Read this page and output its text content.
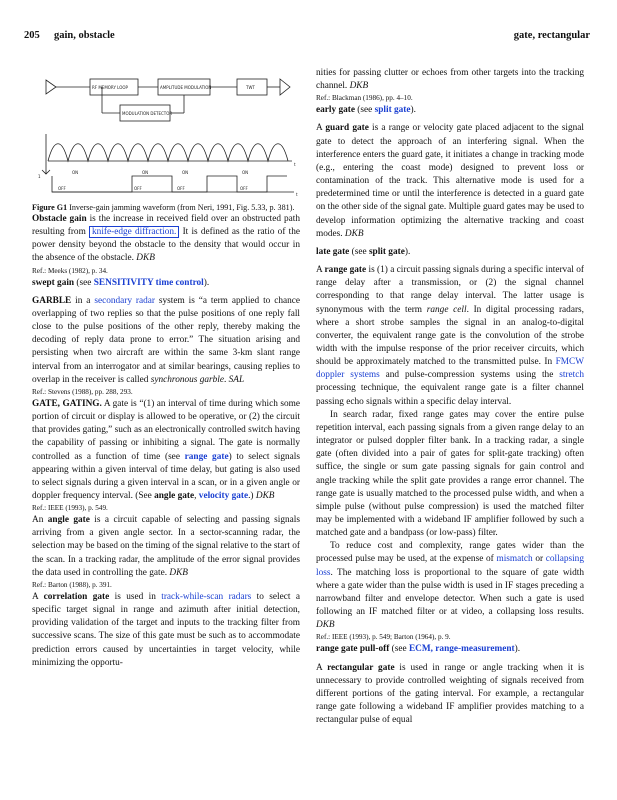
205 gain, obstacle	gate, rectangular
RF MEMORY LOOP	AMPLITUDE MODULATION	TWT
MODULATION DETECTOR
ON
OFF
ON
OFF
ON
OFF
ON
OFF
1
t
t

Figure G1 Inverse-gain jamming waveform (from Neri, 1991, Fig. 5.33, p. 381).

Obstacle gain is the increase in received field over an obstructed path resulting from knife-edge diffraction. It is defined as the ratio of the power density beyond the obstacle to the density that would occur in the absence of the obstacle. DKB

Ref.: Meeks (1982), p. 34.

swept gain (see SENSITIVITY time control).

GARBLE in a secondary radar system is “a term applied to chance overlapping of two replies so that the pulse positions of one reply fall close to the pulse positions of the other reply, thereby making the decoding of reply data prone to error.” The situation arising and persisting when two aircraft are within the same 3-km slant range interval from an interrogator and at similar bearings, causing replies to overlap in the receiver is called synchronous garble. SAL

Ref.: Stevens (1988), pp. 288, 293.

GATE, GATING. A gate is “(1) an interval of time during which some portion of circuit or display is allowed to be operative, or (2) the circuit that provides gating,” such as an electronically controlled switch having the capability of passing or inhibiting a signal. The gate is normally controlled as a function of time (see range gate) to select signals appearing within a given interval of time delay, but gating is also used to select signals during a given interval in a scan, or in a given angle or doppler frequency interval. (See angle gate, velocity gate.) DKB

Ref.: IEEE (1993), p. 549.

An angle gate is a circuit capable of selecting and passing signals arriving from a given angle sector. In a sector-scanning radar, the selection may be based on the timing of the signal relative to the start of the scan. In a tracking radar, the amplitude of the error signal provides the data used in controlling the gate. DKB

Ref.: Barton (1988), p. 391.

A correlation gate is used in track-while-scan radars to select a specific target signal in range and azimuth after initial detection, providing validation of the target and inputs to the tracking filter from successive scans. The size of this gate must be such as to accommodate prediction errors caused by uncertainties in target velocity, while minimizing the opportu-

nities for passing clutter or echoes from other targets into the tracking channel. DKB

Ref.: Blackman (1986), pp. 4–10.

early gate (see split gate).

A guard gate is a range or velocity gate placed adjacent to the signal gate to detect the approach of an interfering signal. When the interference enters the guard gate, it initiates a change in tracking mode (e.g., entering the coast mode) designed to prevent loss or contamination of the track. This alternative mode is used for a predetermined time or until the interference is detected in a guard gate on the other side of the signal gate. Multiple guard gates may be used to develop information optimizing the alternative tracking and coast modes. DKB

late gate (see split gate).

A range gate is (1) a circuit passing signals during a specific interval of range delay after a transmission, or (2) the signal channel corresponding to that range delay interval. The latter usage is synonymous with the term range cell. In digital processing radars, where a short strobe samples the signal in an analog-to-digital converter, the equivalent range gate is the convolution of the strobe width with the impulse response of the prior receiver circuits, which should be approximately matched to the transmitted pulse. In FMCW doppler systems and pulse-compression systems using the stretch processing technique, the equivalent range gate is a filter channel passing echo signals within a specific delay interval.

In search radar, fixed range gates may cover the entire pulse repetition interval, each passing signals from a given range delay to an integrator or pulsed doppler filter bank. In a tracking radar, a single gate (often divided into a pair of gates for split-gate tracking) often suffice, the single or sum gate passing signals for gain control and angle tracking while the split gate provides a range error channel. The range gate is usually matched to the processed pulse width, and when a simple pulse (without pulse compression) is used the matched filter may be implemented with a wideband IF amplifier followed by such a matched gate and a bandpass (or low-pass) filter.

To reduce cost and complexity, range gates wider than the processed pulse may be used, at the expense of mismatch or collapsing loss. The matching loss is proportional to the square of gate width where a gate wider than the pulse width is used in IF stages preceding a narrowband filter and envelope detector. When such a gate is used following an IF matched filter or at video, a collapsing loss results. DKB

Ref.: IEEE (1993), p. 549; Barton (1964), p. 9.

range gate pull-off (see ECM, range-measurement).

A rectangular gate is used in range or angle tracking when it is unnecessary to provide controlled weighting of signals received from different portions of the gating interval. For example, a rectangular range gate following a wideband IF amplifier provides matching to a rectangular pulse of equal
